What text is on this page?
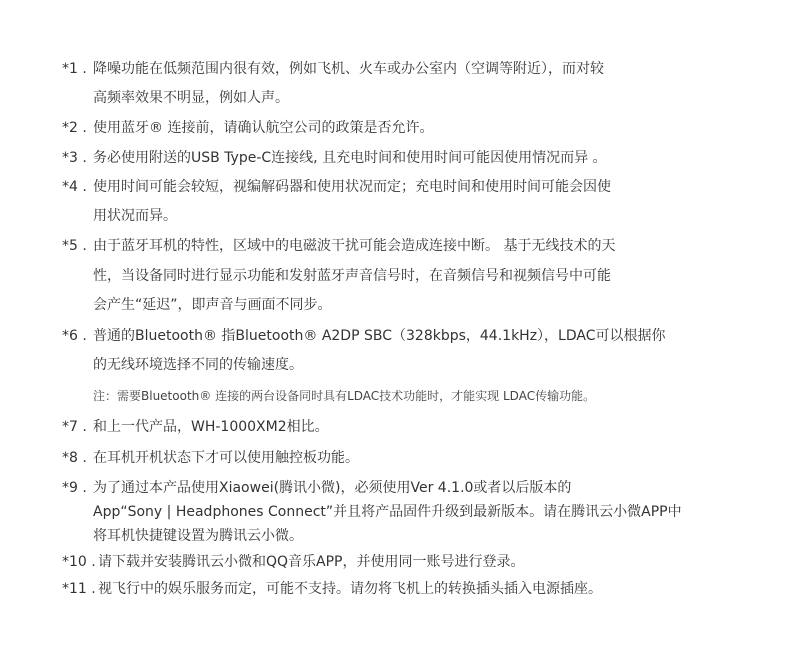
*1 . 降噪功能在低频范围内很有效，例如飞机、火车或办公室内（空调等附近），而对较
高频率效果不明显，例如人声。
*2 . 使用蓝牙® 连接前，请确认航空公司的政策是否允许。
*3 . 务必使用附送的USB Type-C连接线, 且充电时间和使用时间可能因使用情况而异 。
*4 . 使用时间可能会较短，视编解码器和使用状况而定；充电时间和使用时间可能会因使
用状况而异。
*5 . 由于蓝牙耳机的特性，区域中的电磁波干扰可能会造成连接中断。 基于无线技术的天
性，当设备同时进行显示功能和发射蓝牙声音信号时，在音频信号和视频信号中可能
会产生“延迟”，即声音与画面不同步。
*6 . 普通的Bluetooth® 指Bluetooth® A2DP SBC（328kbps，44.1kHz），LDAC可以根据你
的无线环境选择不同的传输速度。
注：需要Bluetooth® 连接的两台设备同时具有LDAC技术功能时，才能实现 LDAC传输功能。
*7 . 和上一代产品，WH-1000XM2相比。
*8 . 在耳机开机状态下才可以使用触控板功能。
*9 . 为了通过本产品使用Xiaowei(腾讯小微)，必须使用Ver 4.1.0或者以后版本的
App“Sony | Headphones Connect”并且将产品固件升级到最新版本。请在腾讯云小微APP中
将耳机快捷键设置为腾讯云小微。
*10 . 请下载并安装腾讯云小微和QQ音乐APP，并使用同一账号进行登录。
*11 . 视飞行中的娱乐服务而定，可能不支持。请勿将飞机上的转换插头插入电源插座。
